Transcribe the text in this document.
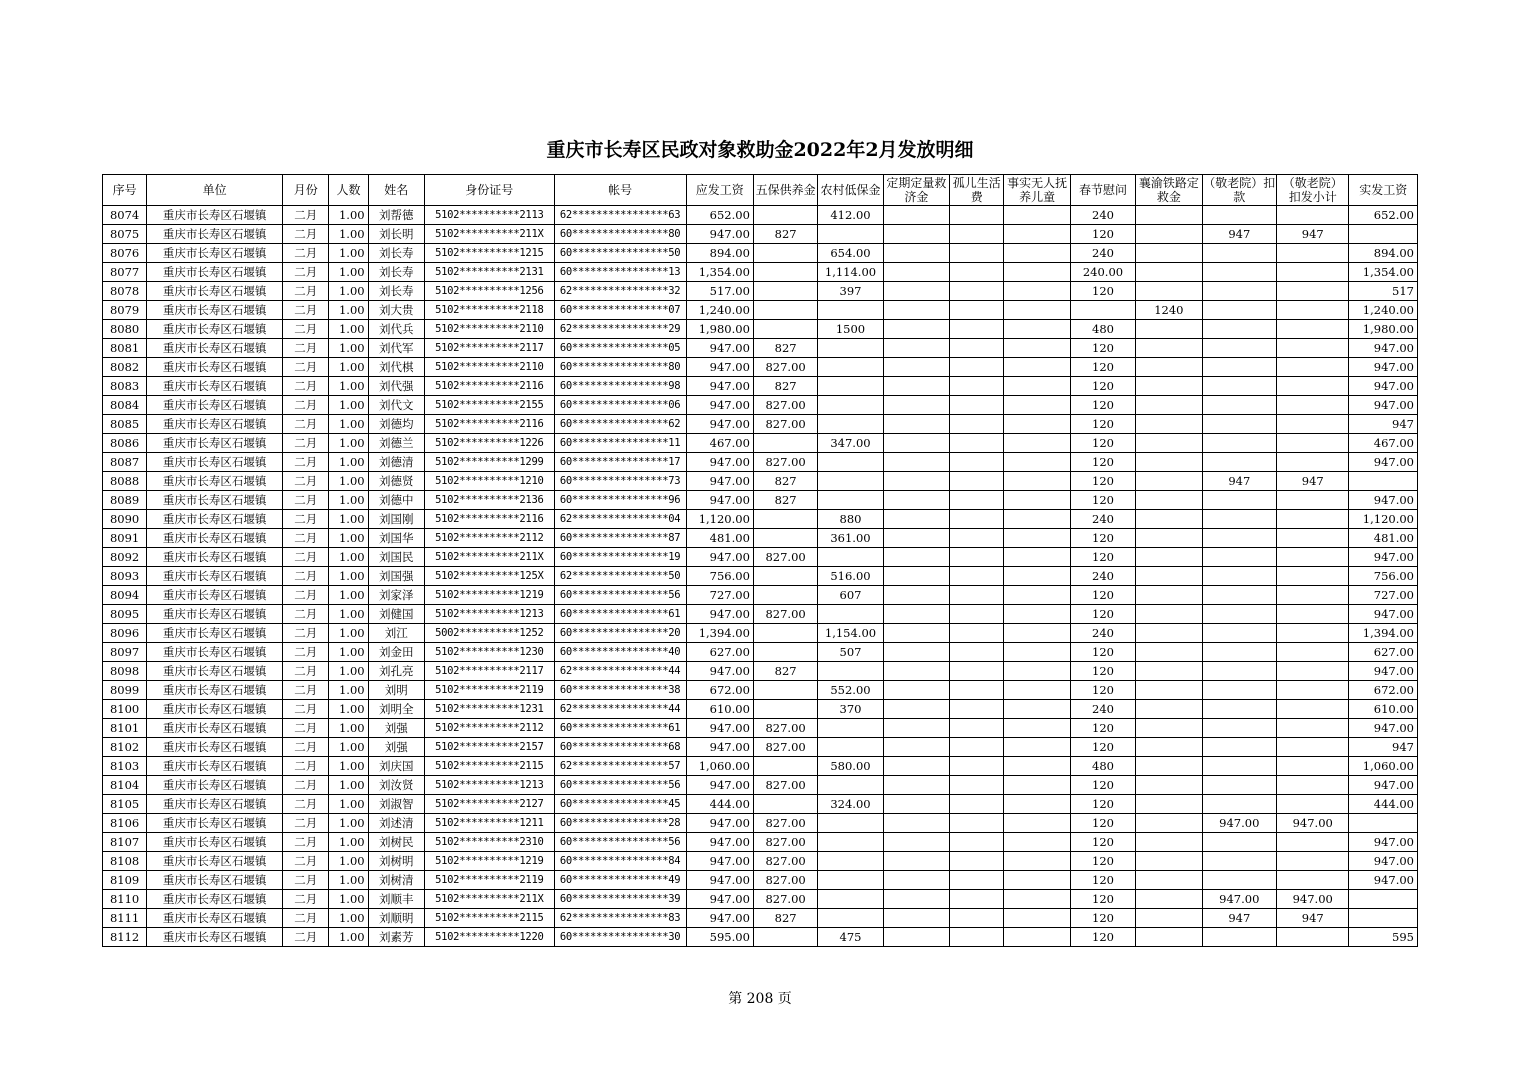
重庆市长寿区民政对象救助金2022年2月发放明细
序号	单位	月份	人数	姓名	身份证号	帐号	应发工资	五保供养金	农村低保金	定期定量救济金	孤儿生活费	事实无人抚养儿童	春节慰问	襄渝铁路定救金	（敬老院）扣款	（敬老院）扣发小计	实发工资
8074	重庆市长寿区石堰镇	二月	1.00	刘帮德	5102**********2113	62****************63	652.00		412.00				240				652.00
8075	重庆市长寿区石堰镇	二月	1.00	刘长明	5102**********211X	60****************80	947.00	827					120		947	947	
8076	重庆市长寿区石堰镇	二月	1.00	刘长寿	5102**********1215	60****************50	894.00		654.00				240				894.00
8077	重庆市长寿区石堰镇	二月	1.00	刘长寿	5102**********2131	60****************13	1,354.00		1,114.00				240.00				1,354.00
8078	重庆市长寿区石堰镇	二月	1.00	刘长寿	5102**********1256	62****************32	517.00		397				120				517
8079	重庆市长寿区石堰镇	二月	1.00	刘大贵	5102**********2118	60****************07	1,240.00							1240			1,240.00
8080	重庆市长寿区石堰镇	二月	1.00	刘代兵	5102**********2110	62****************29	1,980.00		1500				480				1,980.00
8081	重庆市长寿区石堰镇	二月	1.00	刘代军	5102**********2117	60****************05	947.00	827					120				947.00
8082	重庆市长寿区石堰镇	二月	1.00	刘代棋	5102**********2110	60****************80	947.00	827.00					120				947.00
8083	重庆市长寿区石堰镇	二月	1.00	刘代强	5102**********2116	60****************98	947.00	827					120				947.00
8084	重庆市长寿区石堰镇	二月	1.00	刘代文	5102**********2155	60****************06	947.00	827.00					120				947.00
8085	重庆市长寿区石堰镇	二月	1.00	刘德均	5102**********2116	60****************62	947.00	827.00					120				947
8086	重庆市长寿区石堰镇	二月	1.00	刘德兰	5102**********1226	60****************11	467.00		347.00				120				467.00
8087	重庆市长寿区石堰镇	二月	1.00	刘德清	5102**********1299	60****************17	947.00	827.00					120				947.00
8088	重庆市长寿区石堰镇	二月	1.00	刘德贤	5102**********1210	60****************73	947.00	827					120		947	947	
8089	重庆市长寿区石堰镇	二月	1.00	刘德中	5102**********2136	60****************96	947.00	827					120				947.00
8090	重庆市长寿区石堰镇	二月	1.00	刘国刚	5102**********2116	62****************04	1,120.00		880				240				1,120.00
8091	重庆市长寿区石堰镇	二月	1.00	刘国华	5102**********2112	60****************87	481.00		361.00				120				481.00
8092	重庆市长寿区石堰镇	二月	1.00	刘国民	5102**********211X	60****************19	947.00	827.00					120				947.00
8093	重庆市长寿区石堰镇	二月	1.00	刘国强	5102**********125X	62****************50	756.00		516.00				240				756.00
8094	重庆市长寿区石堰镇	二月	1.00	刘家泽	5102**********1219	60****************56	727.00		607				120				727.00
8095	重庆市长寿区石堰镇	二月	1.00	刘健国	5102**********1213	60****************61	947.00	827.00					120				947.00
8096	重庆市长寿区石堰镇	二月	1.00	刘江	5002**********1252	60****************20	1,394.00		1,154.00				240				1,394.00
8097	重庆市长寿区石堰镇	二月	1.00	刘金田	5102**********1230	60****************40	627.00		507				120				627.00
8098	重庆市长寿区石堰镇	二月	1.00	刘孔亮	5102**********2117	62****************44	947.00	827					120				947.00
8099	重庆市长寿区石堰镇	二月	1.00	刘明	5102**********2119	60****************38	672.00		552.00				120				672.00
8100	重庆市长寿区石堰镇	二月	1.00	刘明全	5102**********1231	62****************44	610.00		370				240				610.00
8101	重庆市长寿区石堰镇	二月	1.00	刘强	5102**********2112	60****************61	947.00	827.00					120				947.00
8102	重庆市长寿区石堰镇	二月	1.00	刘强	5102**********2157	60****************68	947.00	827.00					120				947
8103	重庆市长寿区石堰镇	二月	1.00	刘庆国	5102**********2115	62****************57	1,060.00		580.00				480				1,060.00
8104	重庆市长寿区石堰镇	二月	1.00	刘汝贤	5102**********1213	60****************56	947.00	827.00					120				947.00
8105	重庆市长寿区石堰镇	二月	1.00	刘淑智	5102**********2127	60****************45	444.00		324.00				120				444.00
8106	重庆市长寿区石堰镇	二月	1.00	刘述清	5102**********1211	60****************28	947.00	827.00					120		947.00	947.00	
8107	重庆市长寿区石堰镇	二月	1.00	刘树民	5102**********2310	60****************56	947.00	827.00					120				947.00
8108	重庆市长寿区石堰镇	二月	1.00	刘树明	5102**********1219	60****************84	947.00	827.00					120				947.00
8109	重庆市长寿区石堰镇	二月	1.00	刘树清	5102**********2119	60****************49	947.00	827.00					120				947.00
8110	重庆市长寿区石堰镇	二月	1.00	刘顺丰	5102**********211X	60****************39	947.00	827.00					120		947.00	947.00	
8111	重庆市长寿区石堰镇	二月	1.00	刘顺明	5102**********2115	62****************83	947.00	827					120		947	947	
8112	重庆市长寿区石堰镇	二月	1.00	刘素芳	5102**********1220	60****************30	595.00		475				120				595
第 208 页
